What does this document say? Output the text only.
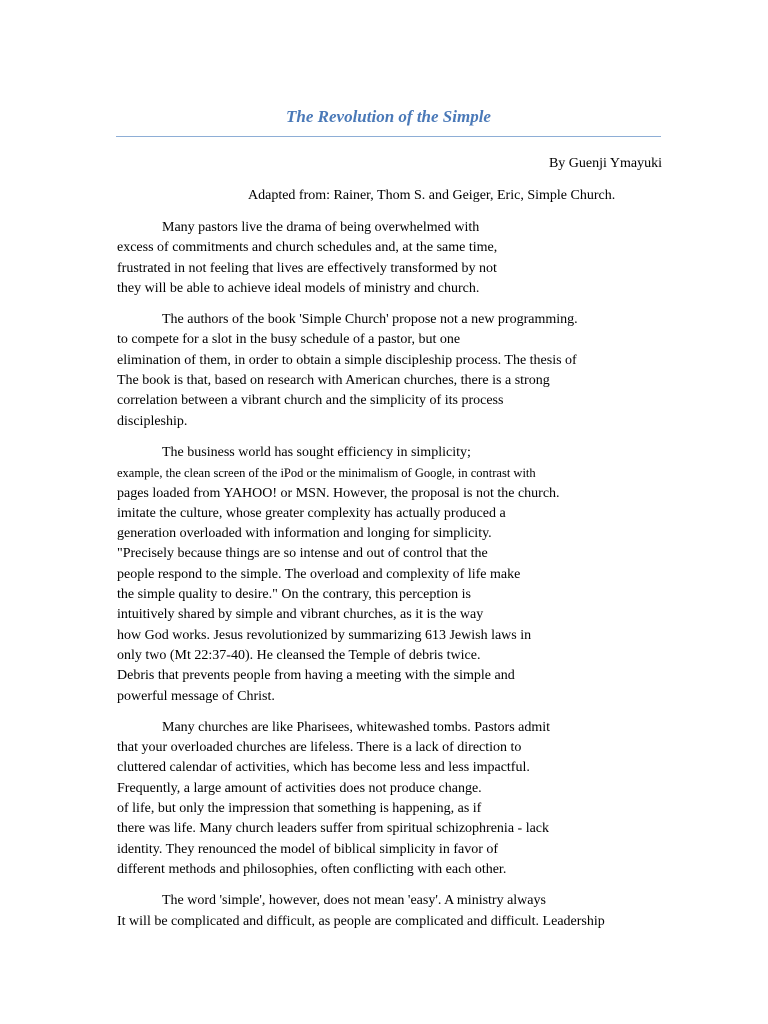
The Revolution of the Simple

By Guenji Ymayuki

Adapted from: Rainer, Thom S. and Geiger, Eric, Simple Church.

Many pastors live the drama of being overwhelmed with
excess of commitments and church schedules and, at the same time,
frustrated in not feeling that lives are effectively transformed by not
they will be able to achieve ideal models of ministry and church.
The authors of the book 'Simple Church' propose not a new programming.
to compete for a slot in the busy schedule of a pastor, but one
elimination of them, in order to obtain a simple discipleship process. The thesis of
The book is that, based on research with American churches, there is a strong
correlation between a vibrant church and the simplicity of its process
discipleship.
The business world has sought efficiency in simplicity;
example, the clean screen of the iPod or the minimalism of Google, in contrast with
pages loaded from YAHOO! or MSN. However, the proposal is not the church.
imitate the culture, whose greater complexity has actually produced a
generation overloaded with information and longing for simplicity.
"Precisely because things are so intense and out of control that the
people respond to the simple. The overload and complexity of life make
the simple quality to desire." On the contrary, this perception is
intuitively shared by simple and vibrant churches, as it is the way
how God works. Jesus revolutionized by summarizing 613 Jewish laws in
only two (Mt 22:37-40). He cleansed the Temple of debris twice.
Debris that prevents people from having a meeting with the simple and
powerful message of Christ.
Many churches are like Pharisees, whitewashed tombs. Pastors admit
that your overloaded churches are lifeless. There is a lack of direction to
cluttered calendar of activities, which has become less and less impactful.
Frequently, a large amount of activities does not produce change.
of life, but only the impression that something is happening, as if
there was life. Many church leaders suffer from spiritual schizophrenia - lack
identity. They renounced the model of biblical simplicity in favor of
different methods and philosophies, often conflicting with each other.
The word 'simple', however, does not mean 'easy'. A ministry always
It will be complicated and difficult, as people are complicated and difficult. Leadership
